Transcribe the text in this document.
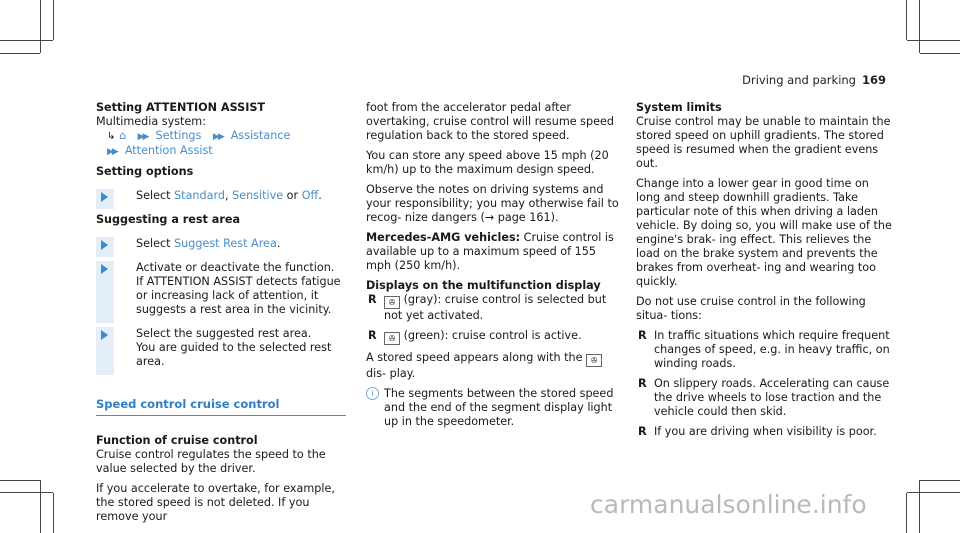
Driving and parking 169

Setting ATTENTION ASSIST

Multimedia system:

↳ ⌂ ▶▶ Settings ▶▶ Assistance

▶▶ Attention Assist

Setting options

Select Standard, Sensitive or Off.

Suggesting a rest area

Select Suggest Rest Area.
Activate or deactivate the function.
If ATTENTION ASSIST detects fatigue or increasing lack of attention, it suggests a rest area in the vicinity.
Select the suggested rest area.
You are guided to the selected rest area.
Speed control cruise control

Function of cruise control

Cruise control regulates the speed to the value selected by the driver.

If you accelerate to overtake, for example, the stored speed is not deleted. If you remove your

foot from the accelerator pedal after overtaking, cruise control will resume speed regulation back to the stored speed.

You can store any speed above 15 mph (20 km/h) up to the maximum design speed.

Observe the notes on driving systems and your responsibility; you may otherwise fail to recog- nize dangers (→ page 161).

Mercedes-AMG vehicles: Cruise control is available up to a maximum speed of 155 mph (250 km/h).

Displays on the multifunction display

R ✇ (gray): cruise control is selected but not yet activated.
R ✇ (green): cruise control is active.

A stored speed appears along with the ✇ dis- play.

i The segments between the stored speed and the end of the segment display light up in the speedometer.

System limits

Cruise control may be unable to maintain the stored speed on uphill gradients. The stored speed is resumed when the gradient evens out.

Change into a lower gear in good time on long and steep downhill gradients. Take particular note of this when driving a laden vehicle. By doing so, you will make use of the engine's brak- ing effect. This relieves the load on the brake system and prevents the brakes from overheat- ing and wearing too quickly.

Do not use cruise control in the following situa- tions:

R In traffic situations which require frequent changes of speed, e.g. in heavy traffic, on winding roads.
R On slippery roads. Accelerating can cause the drive wheels to lose traction and the vehicle could then skid.
R If you are driving when visibility is poor.
carmanualsonline.info
